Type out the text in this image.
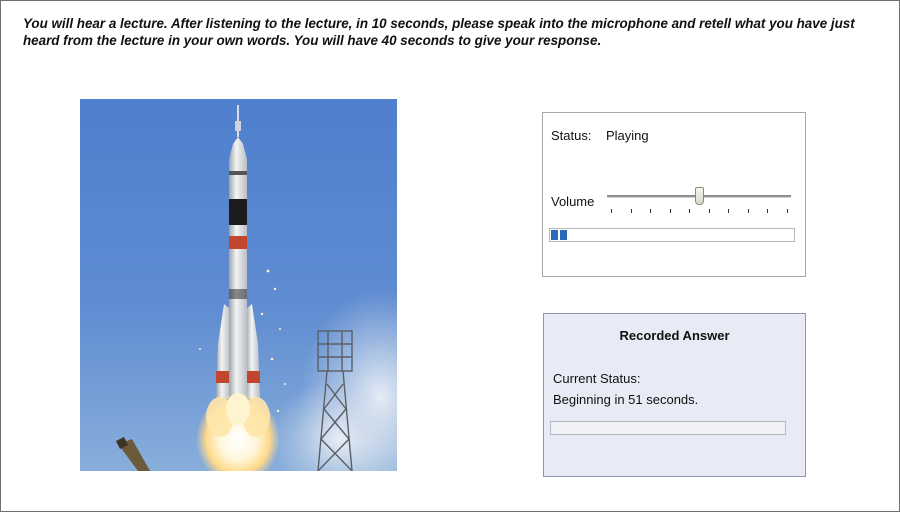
You will hear a lecture. After listening to the lecture, in 10 seconds, please speak into the microphone and retell what you have just heard from the lecture in your own words. You will have 40 seconds to give your response.
Status: Playing
Volume
Recorded Answer
Current Status:
Beginning in 51 seconds.
